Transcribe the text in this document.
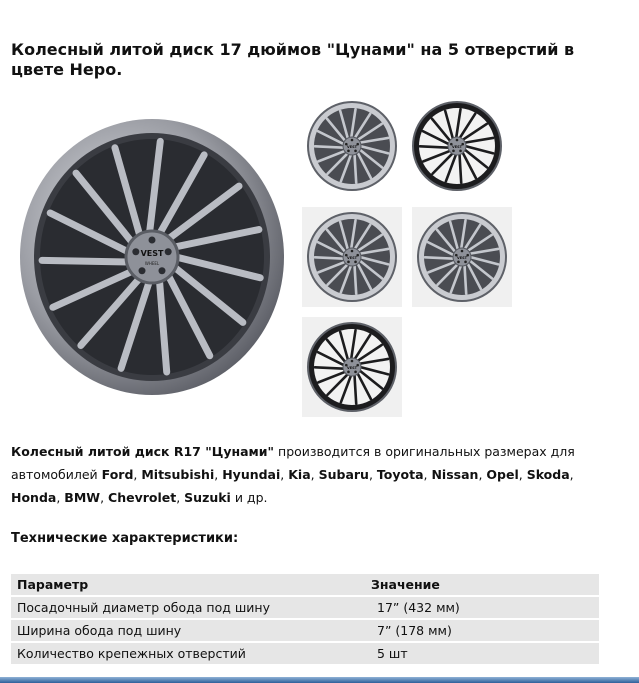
Колесный литой диск 17 дюймов "Цунами" на 5 отверстий в цвете Неро.
VEST
WHEEL
VEST	VEST
VEST	VEST
VEST

Колесный литой диск R17 "Цунами" производится в оригинальных размерах для автомобилей Ford, Mitsubishi, Hyundai, Kia, Subaru, Toyota, Nissan, Opel, Skoda, Honda, BMW, Chevrolet, Suzuki и др.

Технические характеристики:
Параметр	Значение
Посадочный диаметр обода под шину	17” (432 мм)
Ширина обода под шину	7” (178 мм)
Количество крепежных отверстий	5 шт
